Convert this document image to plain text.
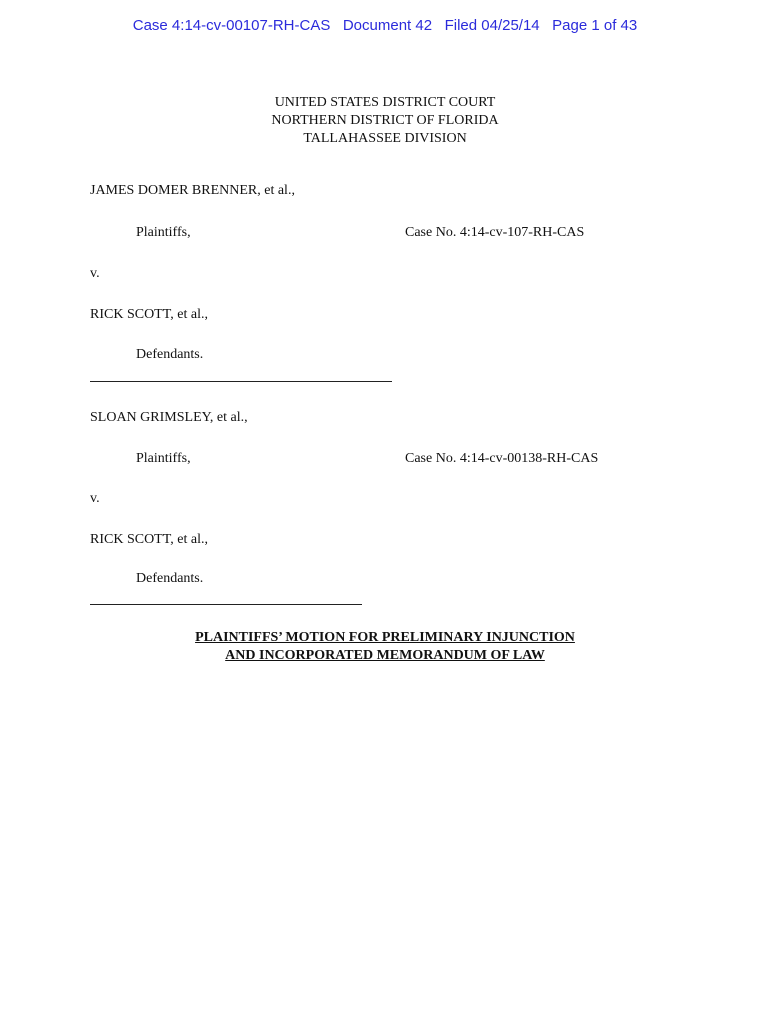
Case 4:14-cv-00107-RH-CAS Document 42 Filed 04/25/14 Page 1 of 43
UNITED STATES DISTRICT COURT
NORTHERN DISTRICT OF FLORIDA
TALLAHASSEE DIVISION
JAMES DOMER BRENNER, et al.,
Plaintiffs,	Case No. 4:14-cv-107-RH-CAS
v.
RICK SCOTT, et al.,
Defendants.
SLOAN GRIMSLEY, et al.,
Plaintiffs,	Case No. 4:14-cv-00138-RH-CAS
v.
RICK SCOTT, et al.,
Defendants.
PLAINTIFFS’ MOTION FOR PRELIMINARY INJUNCTION
AND INCORPORATED MEMORANDUM OF LAW
